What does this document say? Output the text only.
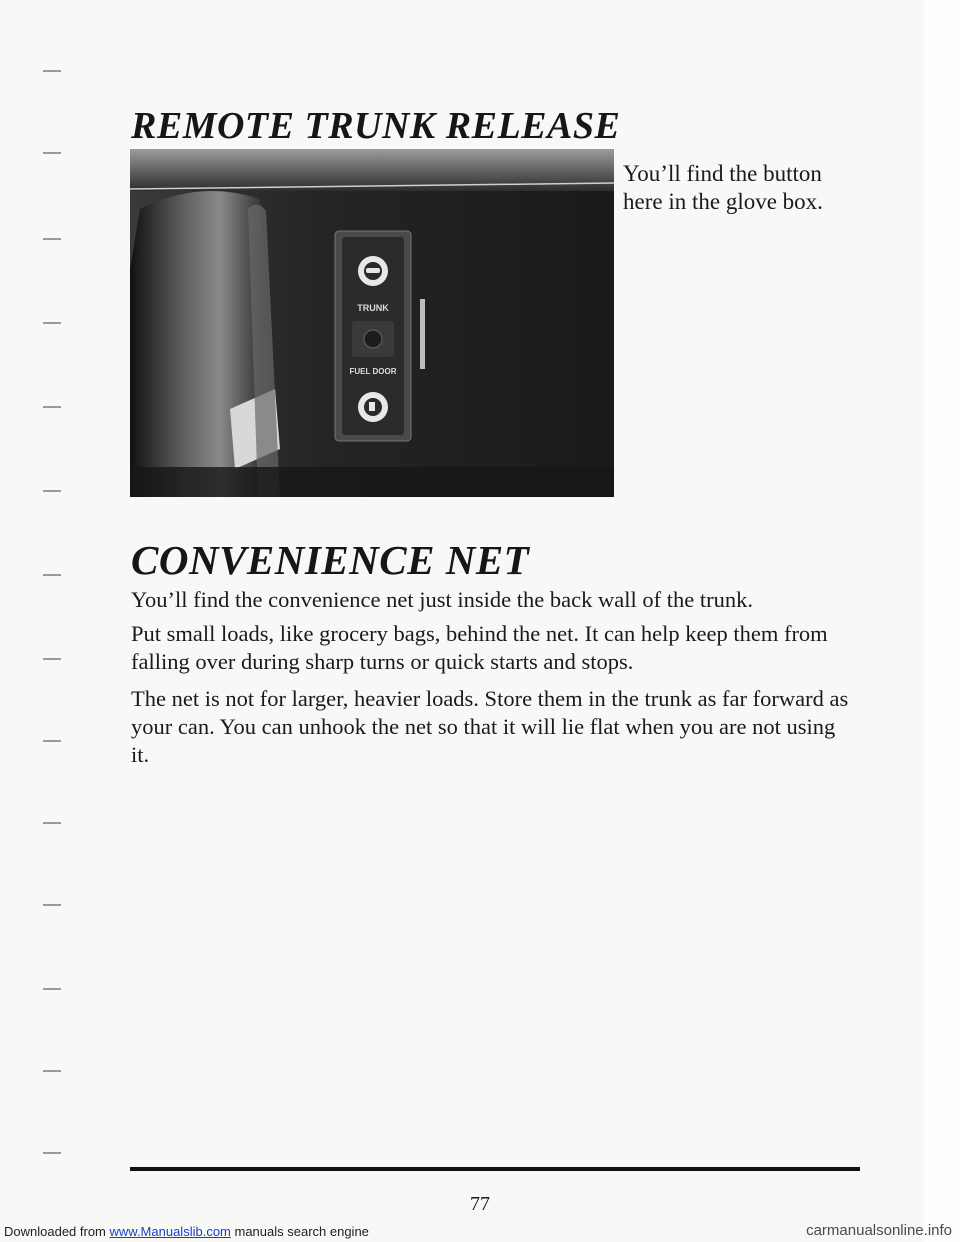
REMOTE TRUNK RELEASE
TRUNK
FUEL DOOR

You’ll find the button here in the glove box.

CONVENIENCE NET

You’ll find the convenience net just inside the back wall of the trunk.

Put small loads, like grocery bags, behind the net. It can help keep them from falling over during sharp turns or quick starts and stops.

The net is not for larger, heavier loads. Store them in the trunk as far forward as your can. You can unhook the net so that it will lie flat when you are not using it.

77
Downloaded from www.Manualslib.com manuals search engine	carmanualsonline.info
